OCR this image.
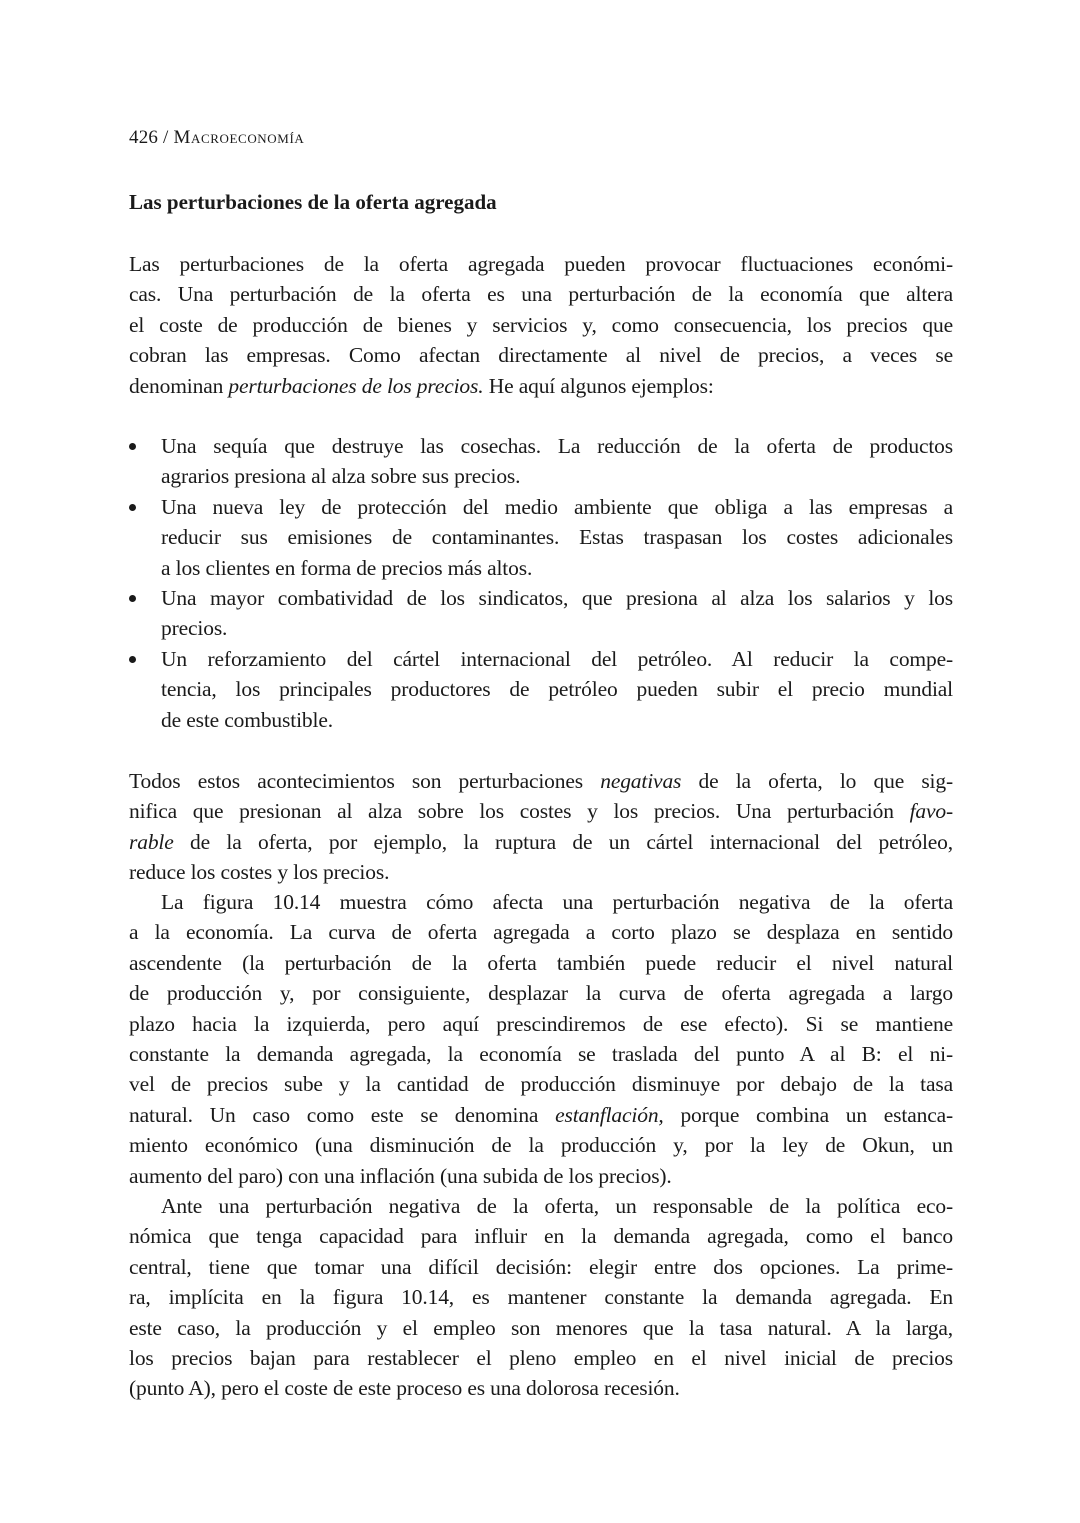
426 / Macroeconomía
Las perturbaciones de la oferta agregada
Las perturbaciones de la oferta agregada pueden provocar fluctuaciones económi-
cas. Una perturbación de la oferta es una perturbación de la economía que altera
el coste de producción de bienes y servicios y, como consecuencia, los precios que
cobran las empresas. Como afectan directamente al nivel de precios, a veces se
denominan perturbaciones de los precios. He aquí algunos ejemplos:
Una sequía que destruye las cosechas. La reducción de la oferta de productos
agrarios presiona al alza sobre sus precios.
Una nueva ley de protección del medio ambiente que obliga a las empresas a
reducir sus emisiones de contaminantes. Estas traspasan los costes adicionales
a los clientes en forma de precios más altos.
Una mayor combatividad de los sindicatos, que presiona al alza los salarios y los
precios.
Un reforzamiento del cártel internacional del petróleo. Al reducir la compe-
tencia, los principales productores de petróleo pueden subir el precio mundial
de este combustible.
Todos estos acontecimientos son perturbaciones negativas de la oferta, lo que sig-
nifica que presionan al alza sobre los costes y los precios. Una perturbación favo-
rable de la oferta, por ejemplo, la ruptura de un cártel internacional del petróleo,
reduce los costes y los precios.
La figura 10.14 muestra cómo afecta una perturbación negativa de la oferta
a la economía. La curva de oferta agregada a corto plazo se desplaza en sentido
ascendente (la perturbación de la oferta también puede reducir el nivel natural
de producción y, por consiguiente, desplazar la curva de oferta agregada a largo
plazo hacia la izquierda, pero aquí prescindiremos de ese efecto). Si se mantiene
constante la demanda agregada, la economía se traslada del punto A al B: el ni-
vel de precios sube y la cantidad de producción disminuye por debajo de la tasa
natural. Un caso como este se denomina estanflación, porque combina un estanca-
miento económico (una disminución de la producción y, por la ley de Okun, un
aumento del paro) con una inflación (una subida de los precios).
Ante una perturbación negativa de la oferta, un responsable de la política eco-
nómica que tenga capacidad para influir en la demanda agregada, como el banco
central, tiene que tomar una difícil decisión: elegir entre dos opciones. La prime-
ra, implícita en la figura 10.14, es mantener constante la demanda agregada. En
este caso, la producción y el empleo son menores que la tasa natural. A la larga,
los precios bajan para restablecer el pleno empleo en el nivel inicial de precios
(punto A), pero el coste de este proceso es una dolorosa recesión.
